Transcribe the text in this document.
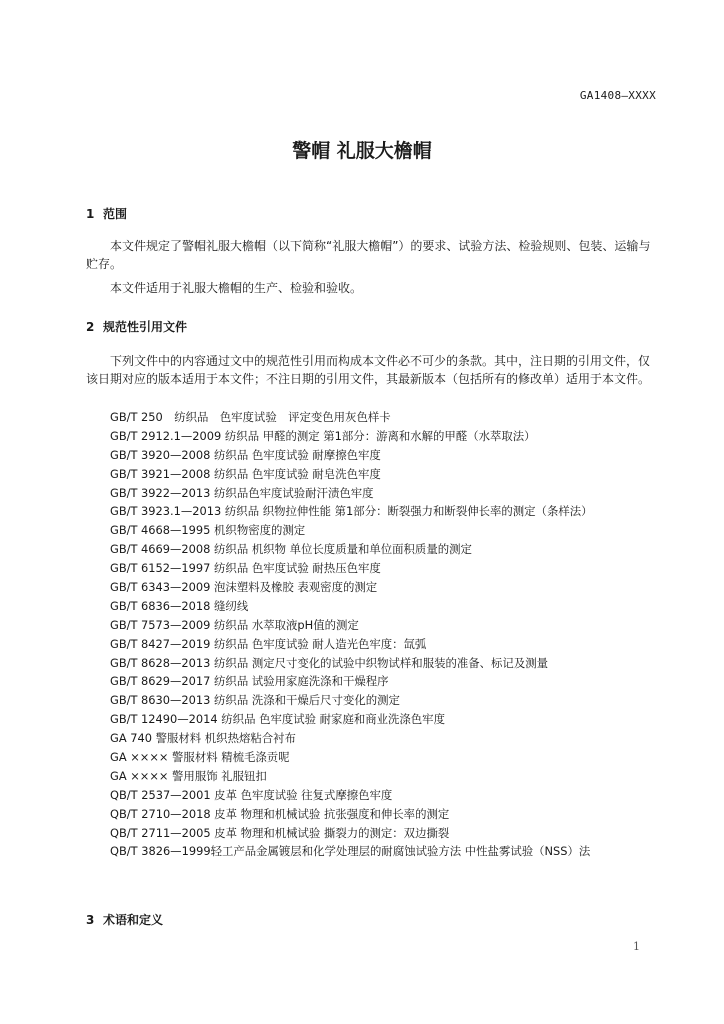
GA1408—XXXX
警帽 礼服大檐帽
1 范围
本文件规定了警帽礼服大檐帽（以下简称“礼服大檐帽”）的要求、试验方法、检验规则、包装、运输与贮存。
本文件适用于礼服大檐帽的生产、检验和验收。
2 规范性引用文件
下列文件中的内容通过文中的规范性引用而构成本文件必不可少的条款。其中，注日期的引用文件，仅该日期对应的版本适用于本文件；不注日期的引用文件，其最新版本（包括所有的修改单）适用于本文件。
GB/T 250　纺织品　色牢度试验　评定变色用灰色样卡
GB/T 2912.1—2009 纺织品 甲醛的测定 第1部分：游离和水解的甲醛（水萃取法）
GB/T 3920—2008 纺织品 色牢度试验 耐摩擦色牢度
GB/T 3921—2008 纺织品 色牢度试验 耐皂洗色牢度
GB/T 3922—2013 纺织品色牢度试验耐汗渍色牢度
GB/T 3923.1—2013 纺织品 织物拉伸性能 第1部分：断裂强力和断裂伸长率的测定（条样法）
GB/T 4668—1995 机织物密度的测定
GB/T 4669—2008 纺织品 机织物 单位长度质量和单位面积质量的测定
GB/T 6152—1997 纺织品 色牢度试验 耐热压色牢度
GB/T 6343—2009 泡沫塑料及橡胶 表观密度的测定
GB/T 6836—2018 缝纫线
GB/T 7573—2009 纺织品 水萃取液pH值的测定
GB/T 8427—2019 纺织品 色牢度试验 耐人造光色牢度：氙弧
GB/T 8628—2013 纺织品 测定尺寸变化的试验中织物试样和服装的准备、标记及测量
GB/T 8629—2017 纺织品 试验用家庭洗涤和干燥程序
GB/T 8630—2013 纺织品 洗涤和干燥后尺寸变化的测定
GB/T 12490—2014 纺织品 色牢度试验 耐家庭和商业洗涤色牢度
GA 740 警服材料 机织热熔粘合衬布
GA ×××× 警服材料 精梳毛涤贡呢
GA ×××× 警用服饰 礼服钮扣
QB/T 2537—2001 皮革 色牢度试验 往复式摩擦色牢度
QB/T 2710—2018 皮革 物理和机械试验 抗张强度和伸长率的测定
QB/T 2711—2005 皮革 物理和机械试验 撕裂力的测定：双边撕裂
QB/T 3826—1999轻工产品金属镀层和化学处理层的耐腐蚀试验方法 中性盐雾试验（NSS）法
3 术语和定义
1
